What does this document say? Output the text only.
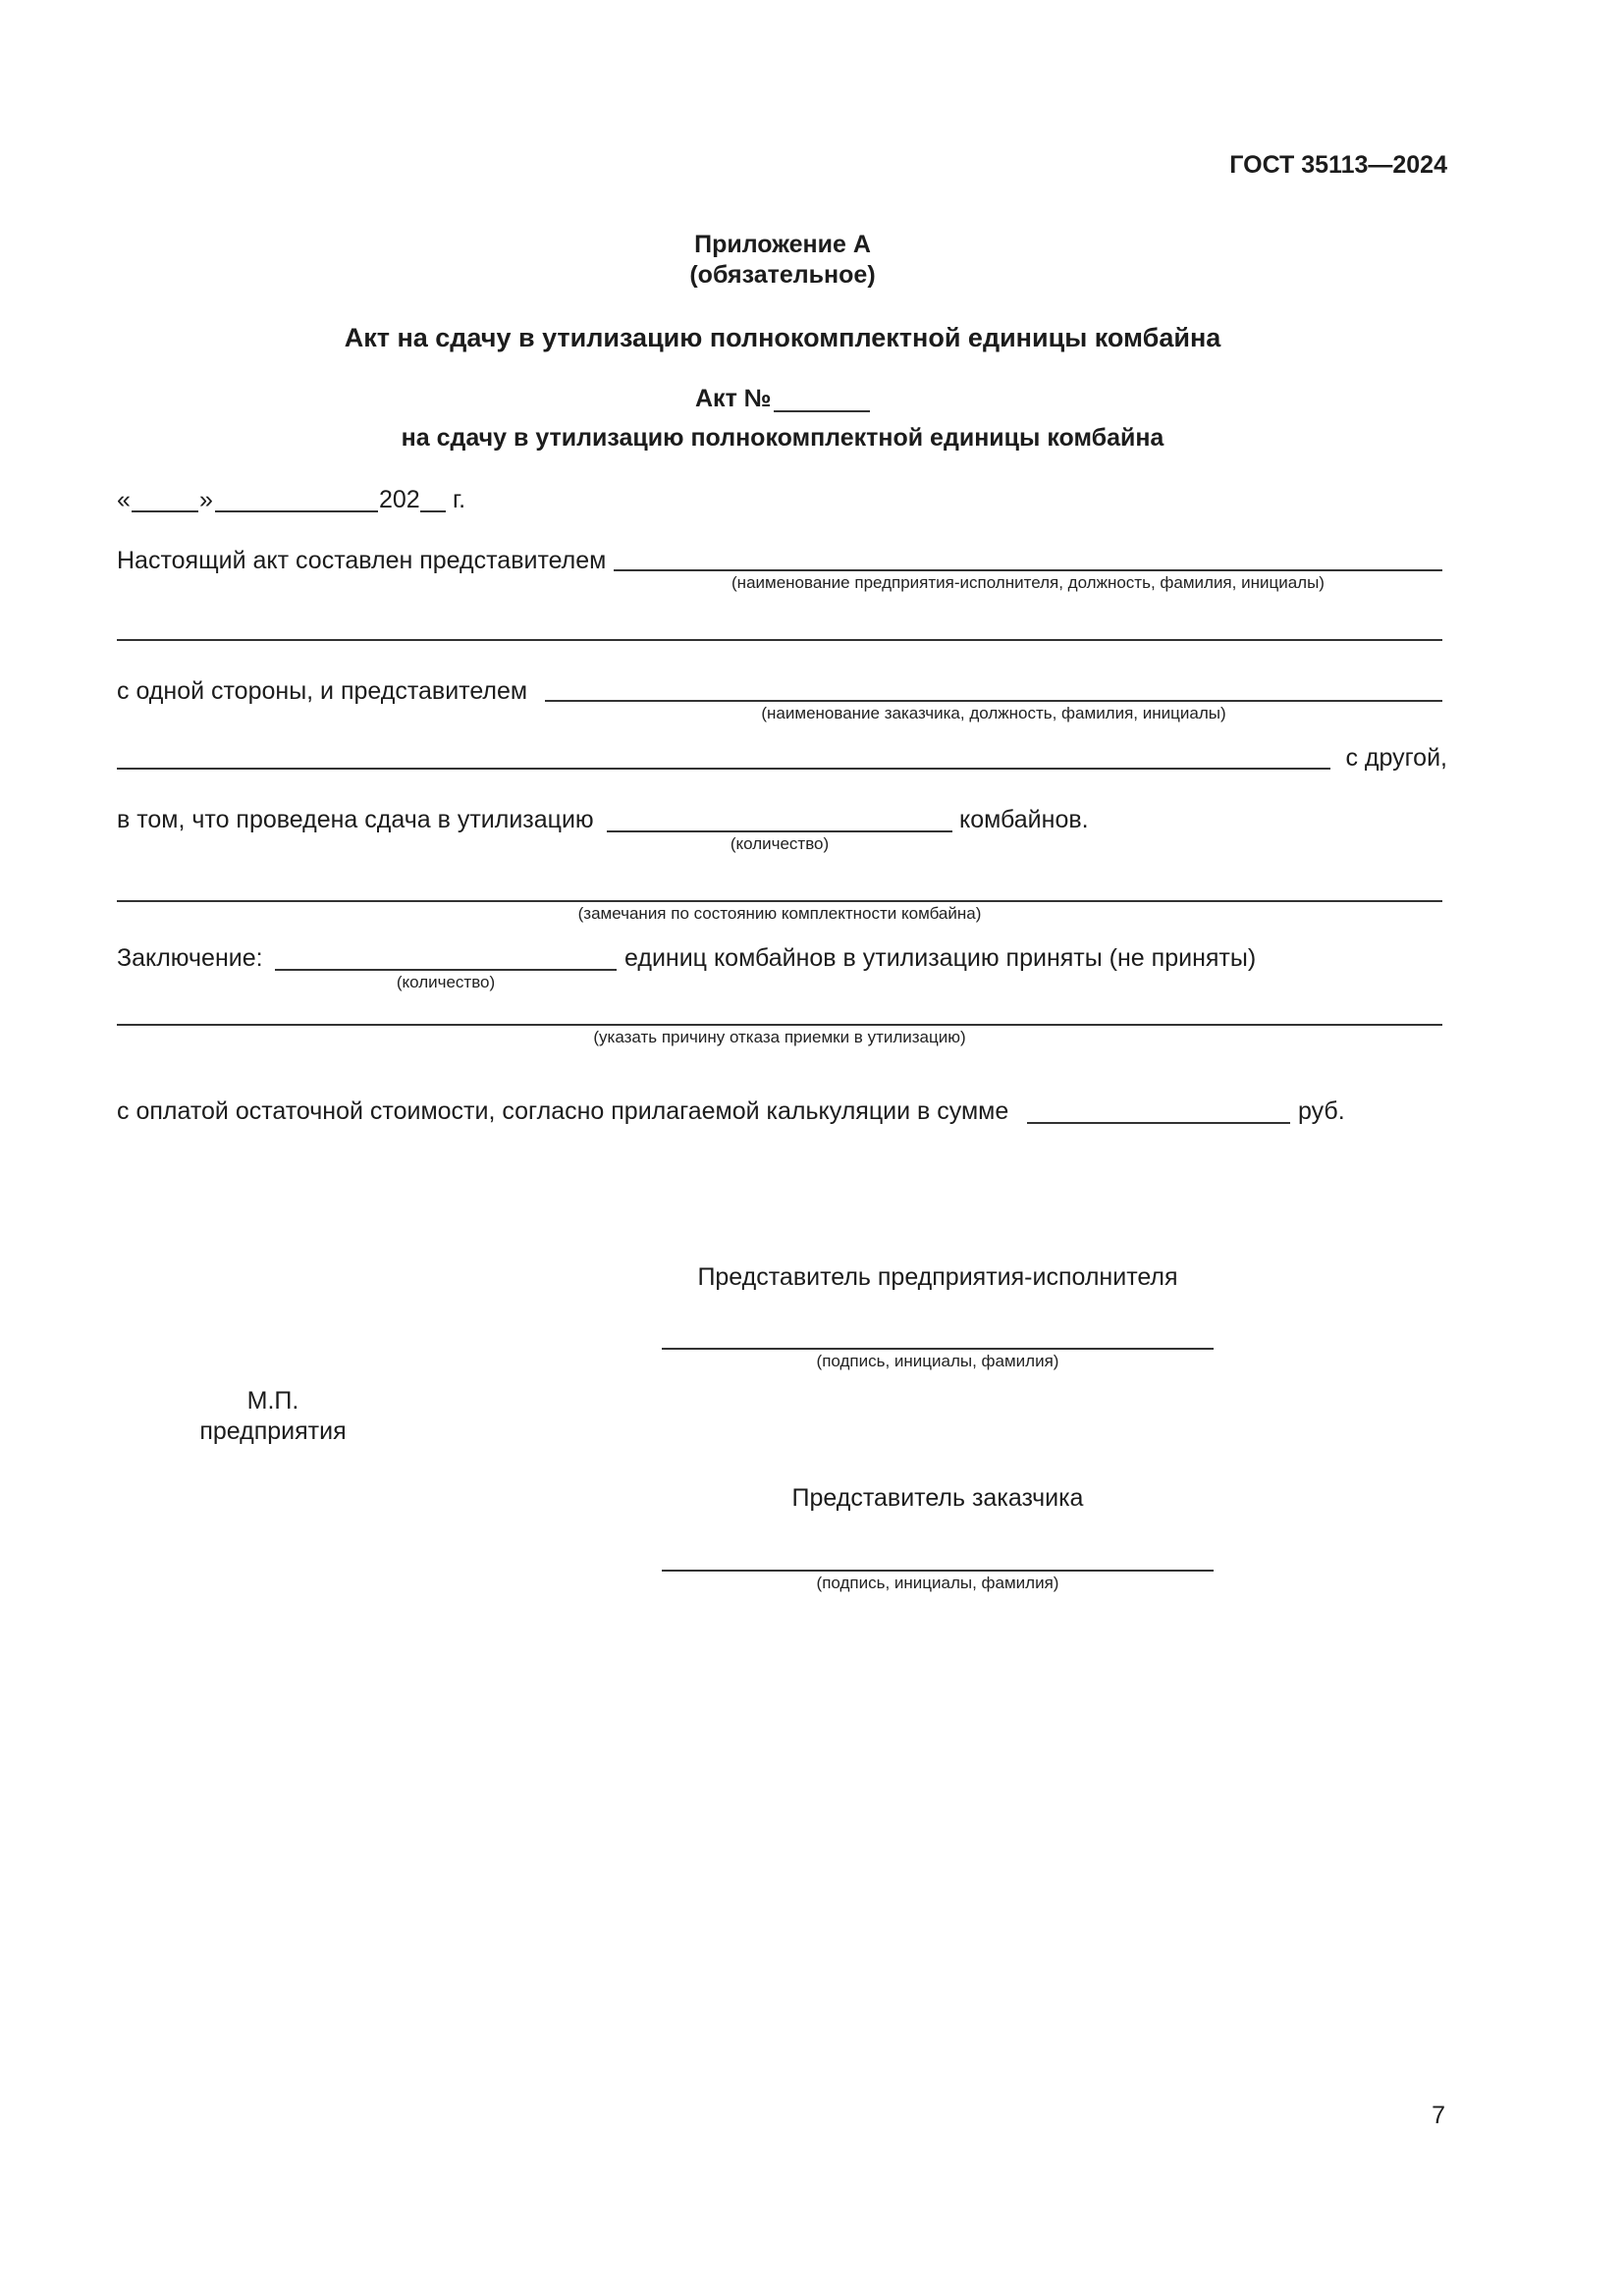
ГОСТ 35113—2024
Приложение А
(обязательное)
Акт на сдачу в утилизацию полнокомплектной единицы комбайна
Акт №
на сдачу в утилизацию полнокомплектной единицы комбайна
«	»	202 г.
Настоящий акт составлен представителем
(наименование предприятия-исполнителя, должность, фамилия, инициалы)
с одной стороны, и представителем
(наименование заказчика, должность, фамилия, инициалы)
с другой,
в том, что проведена сдача в утилизацию	комбайнов.
(количество)
(замечания по состоянию комплектности комбайна)
Заключение:	единиц комбайнов в утилизацию приняты (не приняты)
(количество)
(указать причину отказа приемки в утилизацию)
с оплатой остаточной стоимости, согласно прилагаемой калькуляции в сумме	руб.
Представитель предприятия-исполнителя
(подпись, инициалы, фамилия)
М.П.
предприятия
Представитель заказчика
(подпись, инициалы, фамилия)
7
